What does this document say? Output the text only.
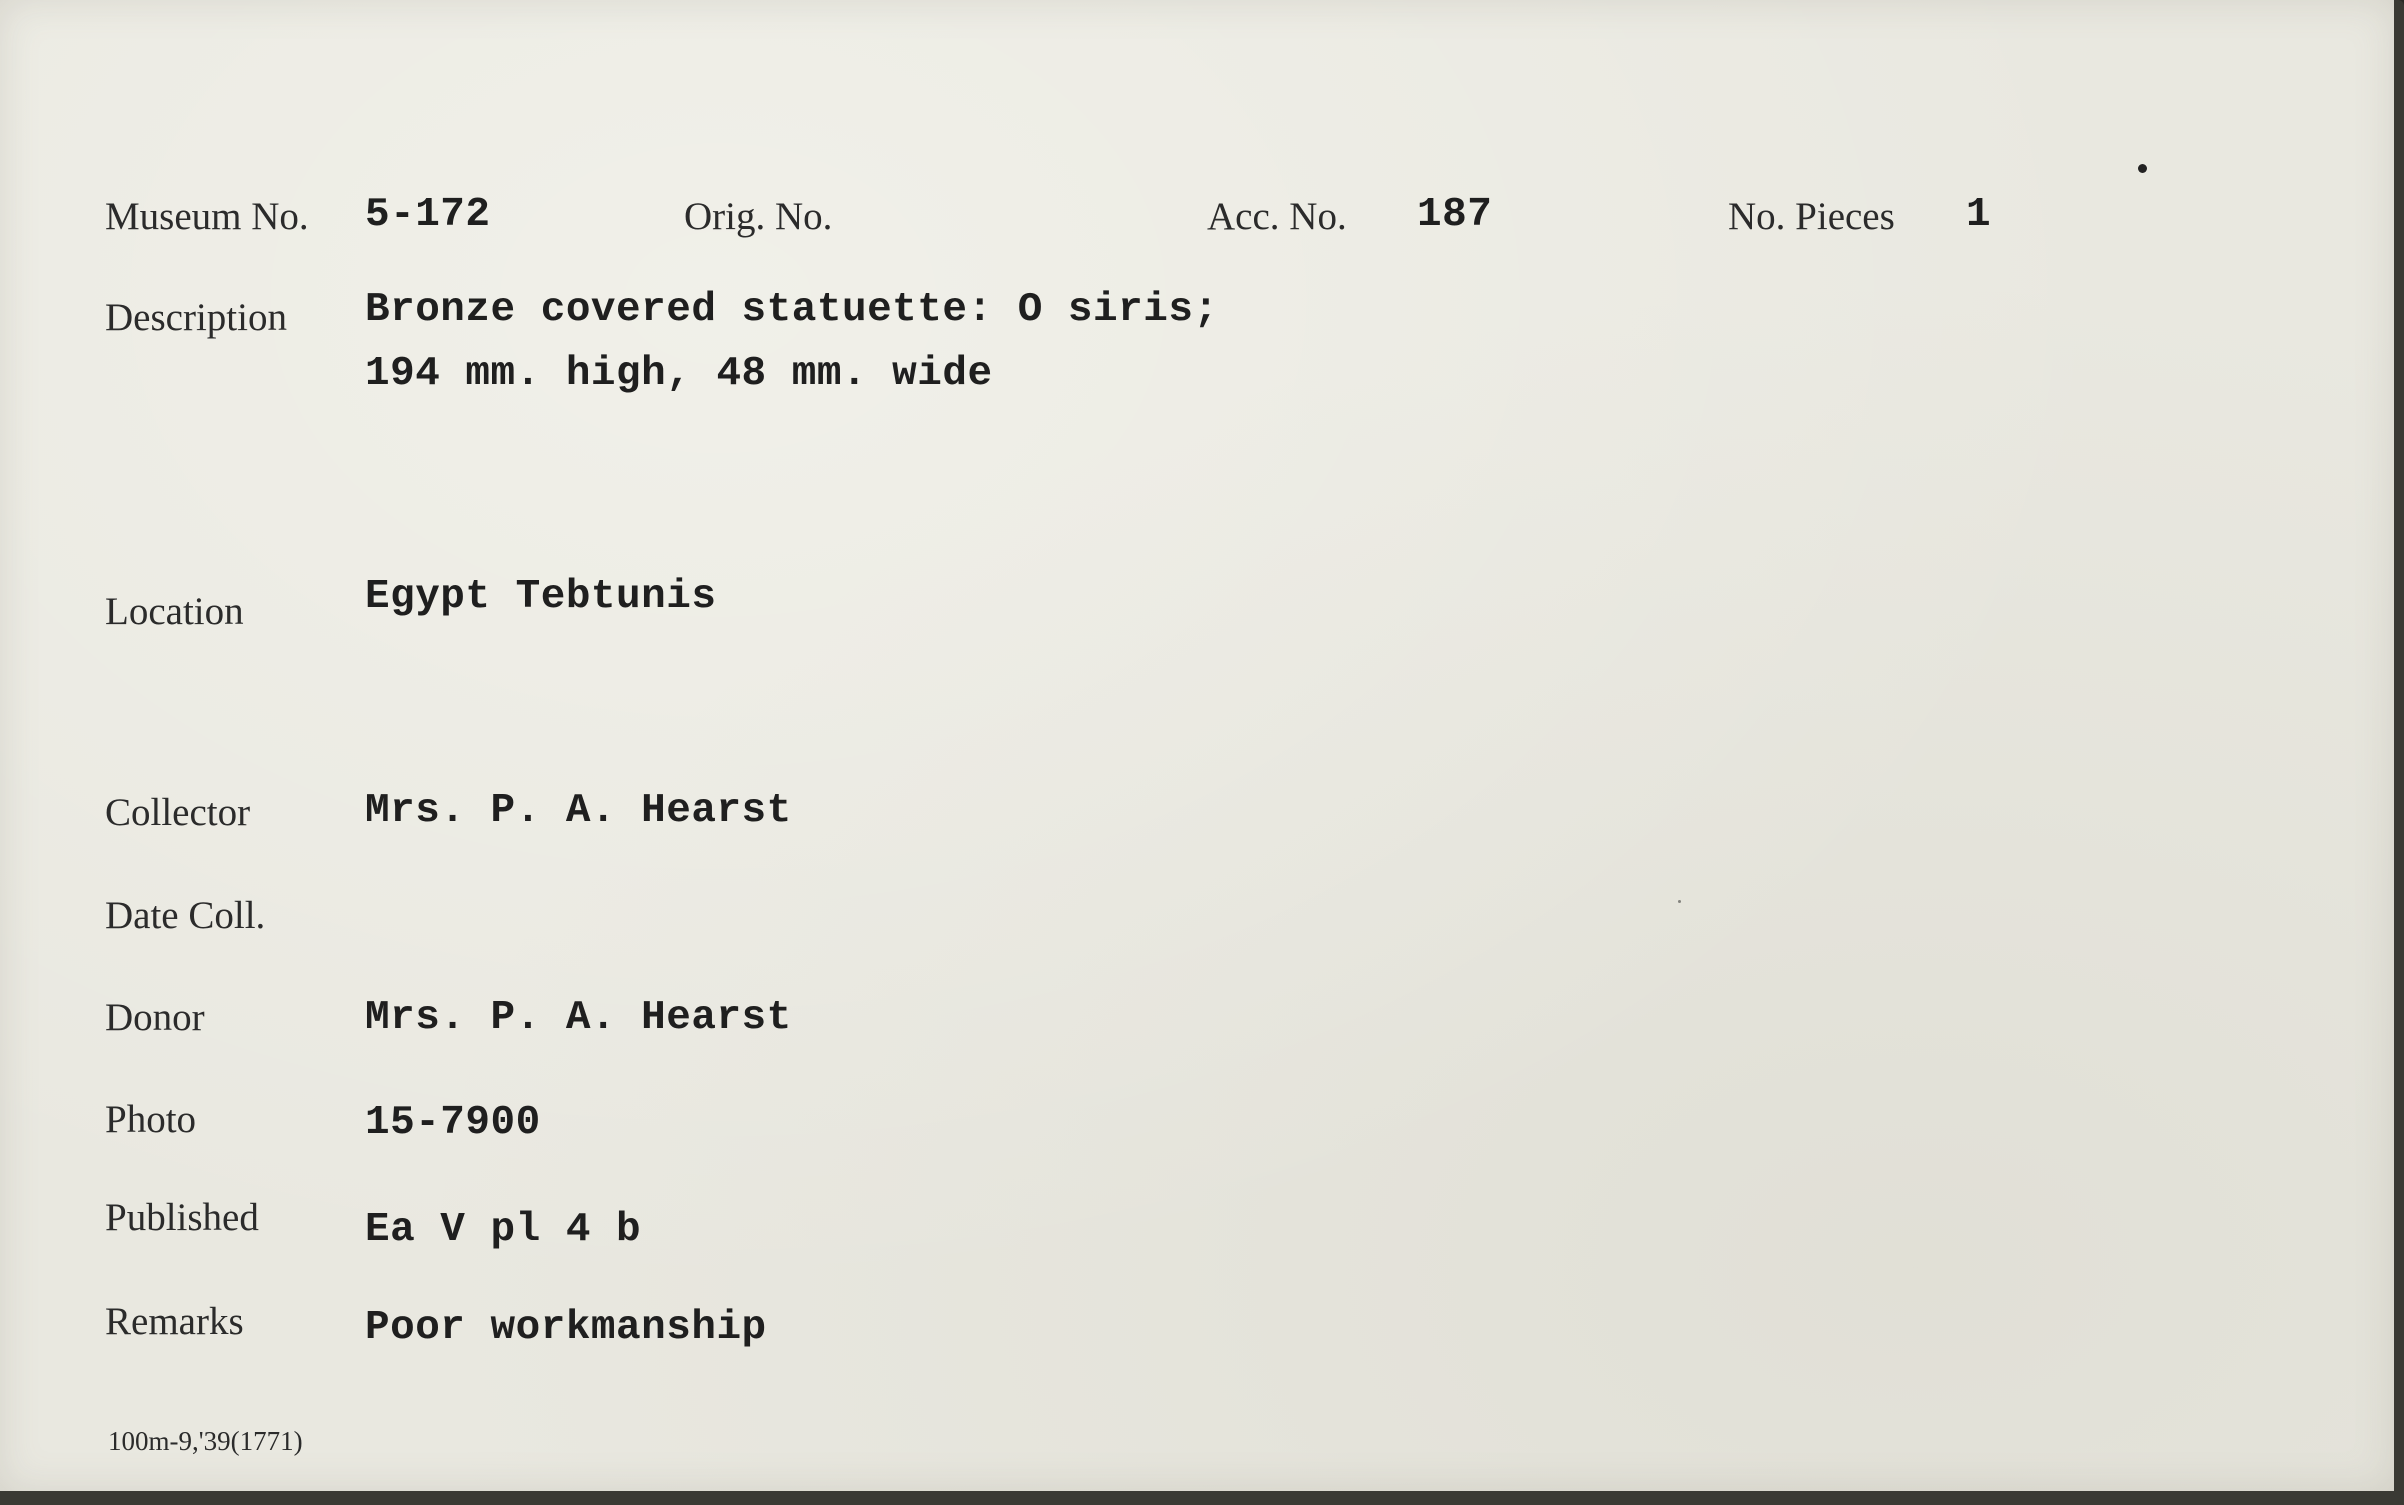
Museum No. 5-172	Orig. No.	Acc. No. 187	No. Pieces 1
Description Bronze covered statuette: O siris;
194 mm. high, 48 mm. wide
Location	Egypt Tebtunis
Collector	Mrs. P. A. Hearst
Date Coll.
Donor	Mrs. P. A. Hearst
Photo	15-7900
Published	Ea V pl 4 b
Remarks	Poor workmanship
100m-9,'39(1771)
